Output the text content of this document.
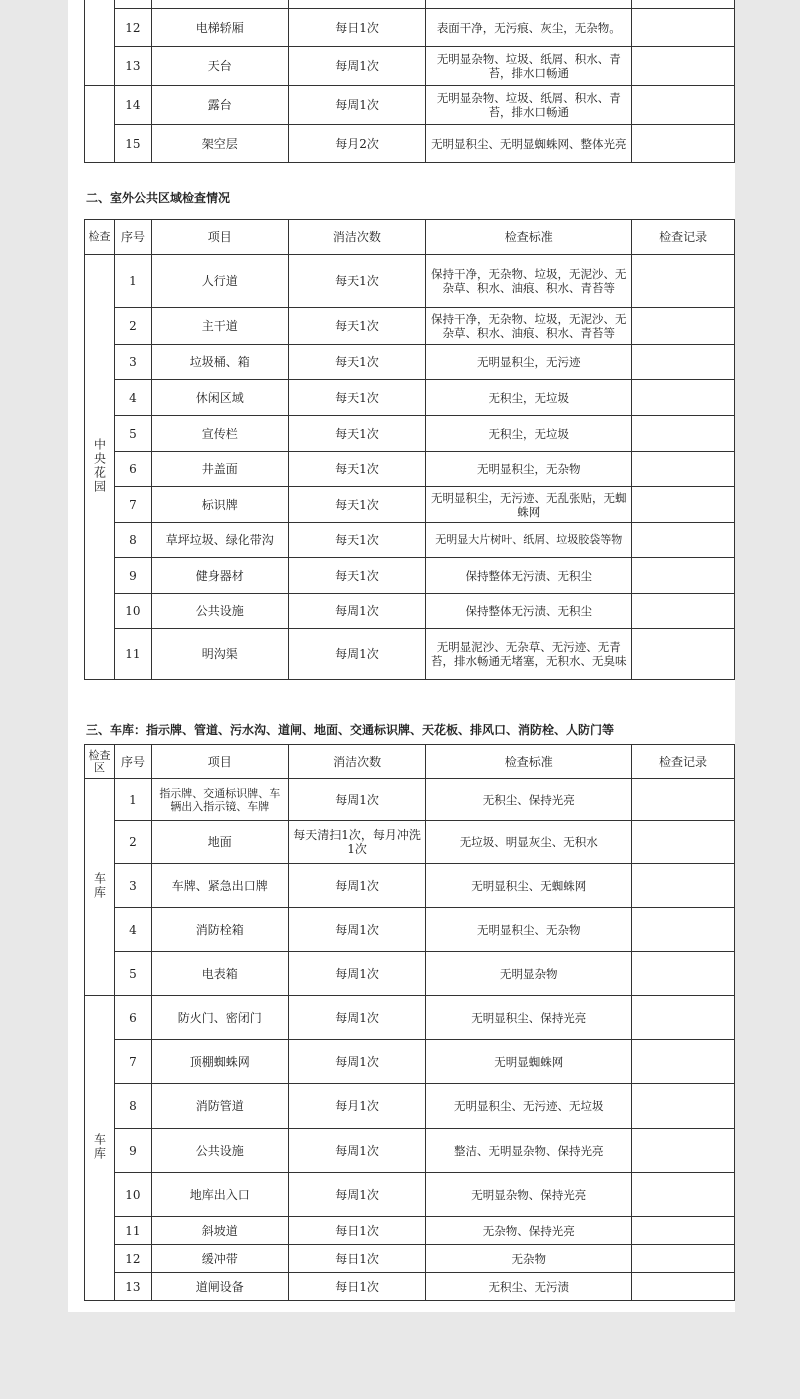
	12	电梯轿厢	每日1次	表面干净，无污痕、灰尘，无杂物。	
	13	天台	每周1次	无明显杂物、垃圾、纸屑、积水、青苔，排水口畅通	

	14	露台	每周1次	无明显杂物、垃圾、纸屑、积水、青苔，排水口畅通	
	15	架空层	每月2次	无明显积尘、无明显蜘蛛网、整体光亮	
二、室外公共区域检查情况
检查	序号	项目	消洁次数	检查标准	检查记录
中央花园	1	人行道	每天1次	保持干净，无杂物、垃圾，无泥沙、无杂草、积水、油痕、积水、青苔等	
	2	主干道	每天1次	保持干净，无杂物、垃圾，无泥沙、无杂草、积水、油痕、积水、青苔等	
	3	垃圾桶、箱	每天1次	无明显积尘，无污迹	
	4	休闲区域	每天1次	无积尘，无垃圾	
	5	宣传栏	每天1次	无积尘，无垃圾	
	6	井盖面	每天1次	无明显积尘，无杂物	
	7	标识牌	每天1次	无明显积尘，无污迹、无乱张贴，无蜘蛛网	
	8	草坪垃圾、绿化带沟	每天1次	无明显大片树叶、纸屑、垃圾胶袋等物	
	9	健身器材	每天1次	保持整体无污渍、无积尘	
	10	公共设施	每周1次	保持整体无污渍、无积尘	
	11	明沟渠	每周1次	无明显泥沙、无杂草、无污迹、无青苔，排水畅通无堵塞，无积水、无臭味	
三、车库：指示牌、管道、污水沟、道闸、地面、交通标识牌、天花板、排风口、消防栓、人防门等
检查区	序号	项目	消洁次数	检查标准	检查记录
车库	1	指示牌、交通标识牌、车辆出入指示镜、车牌	每周1次	无积尘、保持光亮	
	2	地面	每天清扫1次，每月冲洗1次	无垃圾、明显灰尘、无积水	
	3	车牌、紧急出口牌	每周1次	无明显积尘、无蜘蛛网	
	4	消防栓箱	每周1次	无明显积尘、无杂物	
	5	电表箱	每周1次	无明显杂物	
车库	6	防火门、密闭门	每周1次	无明显积尘、保持光亮	
	7	顶棚蜘蛛网	每周1次	无明显蜘蛛网	
	8	消防管道	每月1次	无明显积尘、无污迹、无垃圾	
	9	公共设施	每周1次	整洁、无明显杂物、保持光亮	
	10	地库出入口	每周1次	无明显杂物、保持光亮	
	11	斜坡道	每日1次	无杂物、保持光亮	
	12	缓冲带	每日1次	无杂物	
	13	道闸设备	每日1次	无积尘、无污渍	
